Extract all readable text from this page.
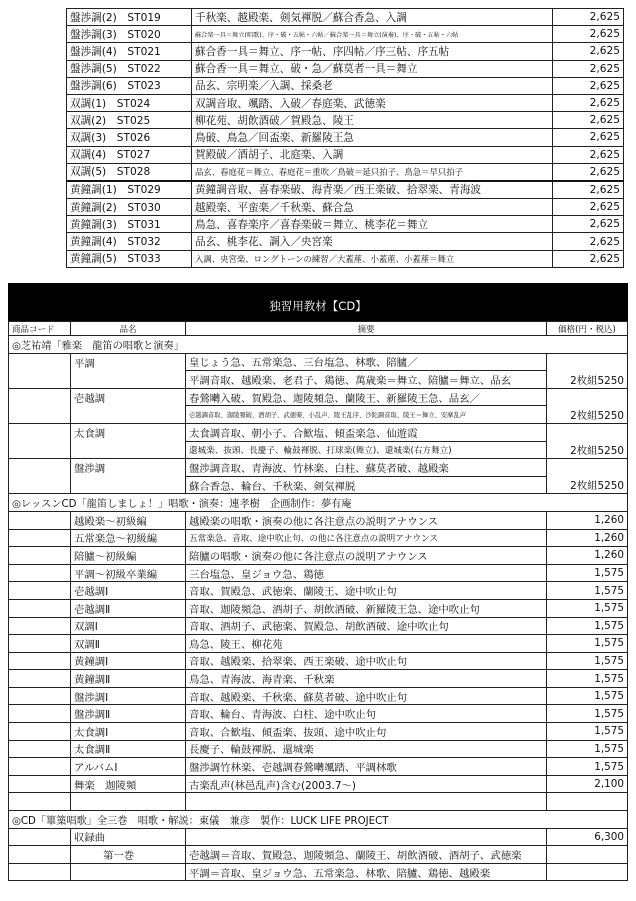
盤渉調(2)　ST019	千秋楽、越殿楽、剣気褌脱／蘇合香急、入調	2,625
盤渉調(3)　ST020	蘇合楽一具＝舞立(唱歌)、序・破・五帖・六帖／蘇合楽一具＝舞立(演奏)、序・破・五帖・六帖	2,625
盤渉調(4)　ST021	蘇合香一具＝舞立、序一帖、序四帖／序三帖、序五帖	2,625
盤渉調(5)　ST022	蘇合香一具＝舞立、破・急／蘇莫者一具＝舞立	2,625
盤渉調(6)　ST023	品玄、宗明楽／入調、採桑老	2,625
双調(1)　ST024	双調音取、颯踏、入破／春庭楽、武徳楽	2,625
双調(2)　ST025	柳花苑、胡飲酒破／賀殿急、陵王	2,625
双調(3)　ST026	鳥破、鳥急／回盃楽、新羅陵王急	2,625
双調(4)　ST027	賀殿破／酒胡子、北庭楽、入調	2,625
双調(5)　ST028	品玄、春庭花＝舞立、春庭花＝重吹／鳥破＝延只拍子、鳥急＝早只拍子	2,625
黄鐘調(1)　ST029	黄鐘調音取、喜春楽破、海青楽／西王楽破、拾翠楽、青海波	2,625
黄鐘調(2)　ST030	越殿楽、平蛮楽／千秋楽、蘇合急	2,625
黄鐘調(3)　ST031	鳥急、喜春楽序／喜春楽破＝舞立、桃李花＝舞立	2,625
黄鐘調(4)　ST032	品玄、桃李花、調入／央宮楽	2,625
黄鐘調(5)　ST033	入調、央宮楽、ロングトーンの練習／大蓋蓙、小蓋蓙、小蓋蓙＝舞立	2,625
独習用教材【CD】
商品コード	品名	摘要	価格(円・税込)
◎芝祐靖「雅楽　龍笛の唱歌と演奏」			
	平調	皇じょう急、五常楽急、三台塩急、林歌、陪臚／	
		平調音取、越殿楽、老君子、鶏徳、萬歳楽＝舞立、陪臚＝舞立、品玄	2枚組5250
	壱越調	春鶯囀入破、賀殿急、迦陵頻急、蘭陵王、新羅陵王急、品玄／	
		壱越調音取、迦陵頻破、酒胡子、武徳楽、小乱声、陵王乱序、沙陀調音取、陵王＝舞立、安摩乱声	2枚組5250
	太食調	太食調音取、朝小子、合歓塩、傾盃楽急、仙遊霞	
		還城楽、抜頭、長慶子、輪鼓褌脱、打球楽(舞立)、還城楽(右方舞立)	2枚組5250
	盤渉調	盤渉調音取、青海波、竹林楽、白柱、蘇莫者破、越殿楽	
		蘇合香急、輪台、千秋楽、剣気褌脱	2枚組5250
◎レッスンCD「龍笛しましょ！」唱歌・演奏：連孝樹　企画制作：夢有庵			
	越殿楽〜初級編	越殿楽の唱歌・演奏の他に各注意点の説明アナウンス	1,260
	五常楽急〜初級編	五常楽急、音取、途中吹止句、の他に各注意点の説明アナウンス	1,260
	陪臚〜初級編	陪臚の唱歌・演奏の他に各注意点の説明アナウンス	1,260
	平調〜初級卒業編	三台塩急、皇ジョウ急、鶏徳	1,575
	壱越調Ⅰ	音取、賀殿急、武徳楽、蘭陵王、途中吹止句	1,575
	壱越調Ⅱ	音取、迦陵頻急、酒胡子、胡飲酒破、新羅陵王急、途中吹止句	1,575
	双調Ⅰ	音取、酒胡子、武徳楽、賀殿急、胡飲酒破、途中吹止句	1,575
	双調Ⅱ	鳥急、陵王、柳花苑	1,575
	黄鐘調Ⅰ	音取、越殿楽、拾翠楽、西王楽破、途中吹止句	1,575
	黄鐘調Ⅱ	鳥急、青海波、海青楽、千秋楽	1,575
	盤渉調Ⅰ	音取、越殿楽、千秋楽、蘇莫者破、途中吹止句	1,575
	盤渉調Ⅱ	音取、輪台、青海波、白柱、途中吹止句	1,575
	太食調Ⅰ	音取、合歓塩、傾盃楽、抜頭、途中吹止句	1,575
	太食調Ⅱ	長慶子、輪鼓褌脱、還城楽	1,575
	アルバムⅠ	盤渉調竹林楽、壱越調春鶯囀颯踏、平調林歌	1,575
	舞楽　迦陵頻	古楽乱声(林邑乱声)含む(2003.7〜)	2,100

◎CD「篳篥唱歌」全三巻　唱歌・解説：東儀　兼彦　製作：LUCK LIFE PROJECT			
	収録曲		6,300
	第一巻	壱越調＝音取、賀殿急、迦陵頻急、蘭陵王、胡飲酒破、酒胡子、武徳楽	
		平調＝音取、皇ジョウ急、五常楽急、林歌、陪臚、鶏徳、越殿楽	
